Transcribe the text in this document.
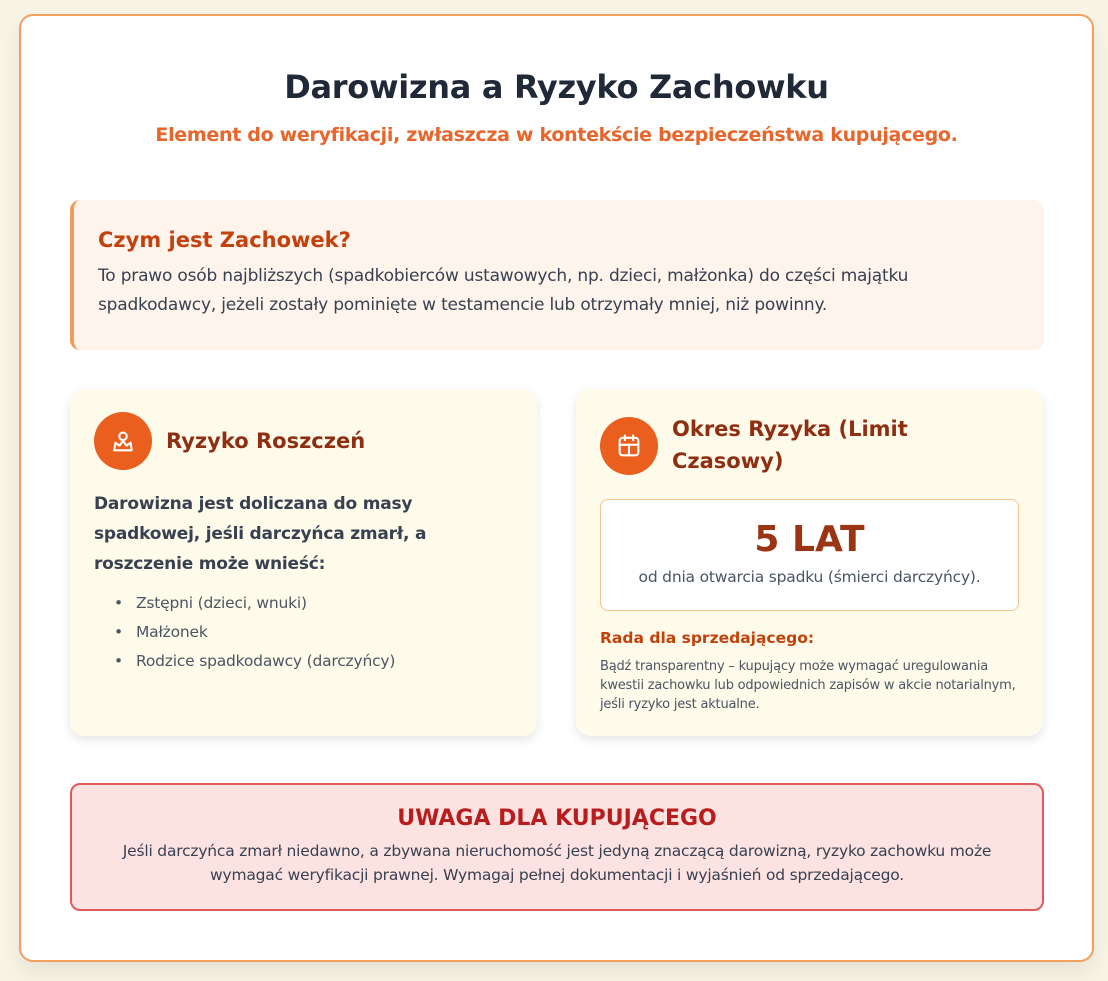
Darowizna a Ryzyko Zachowku
Element do weryfikacji, zwłaszcza w kontekście bezpieczeństwa kupującego.
Czym jest Zachowek?
To prawo osób najbliższych (spadkobierców ustawowych, np. dzieci, małżonka) do części majątku spadkodawcy, jeżeli zostały pominięte w testamencie lub otrzymały mniej, niż powinny.
Ryzyko Roszczeń
Darowizna jest doliczana do masy spadkowej, jeśli darczyńca zmarł, a roszczenie może wnieść:
• Zstępni (dzieci, wnuki)
• Małżonek
• Rodzice spadkodawcy (darczyńcy)
Okres Ryzyka (Limit Czasowy)
5 LAT
od dnia otwarcia spadku (śmierci darczyńcy).
Rada dla sprzedającego:
Bądź transparentny – kupujący może wymagać uregulowania kwestii zachowku lub odpowiednich zapisów w akcie notarialnym, jeśli ryzyko jest aktualne.
UWAGA DLA KUPUJĄCEGO
Jeśli darczyńca zmarł niedawno, a zbywana nieruchomość jest jedyną znaczącą darowizną, ryzyko zachowku może wymagać weryfikacji prawnej. Wymagaj pełnej dokumentacji i wyjaśnień od sprzedającego.
